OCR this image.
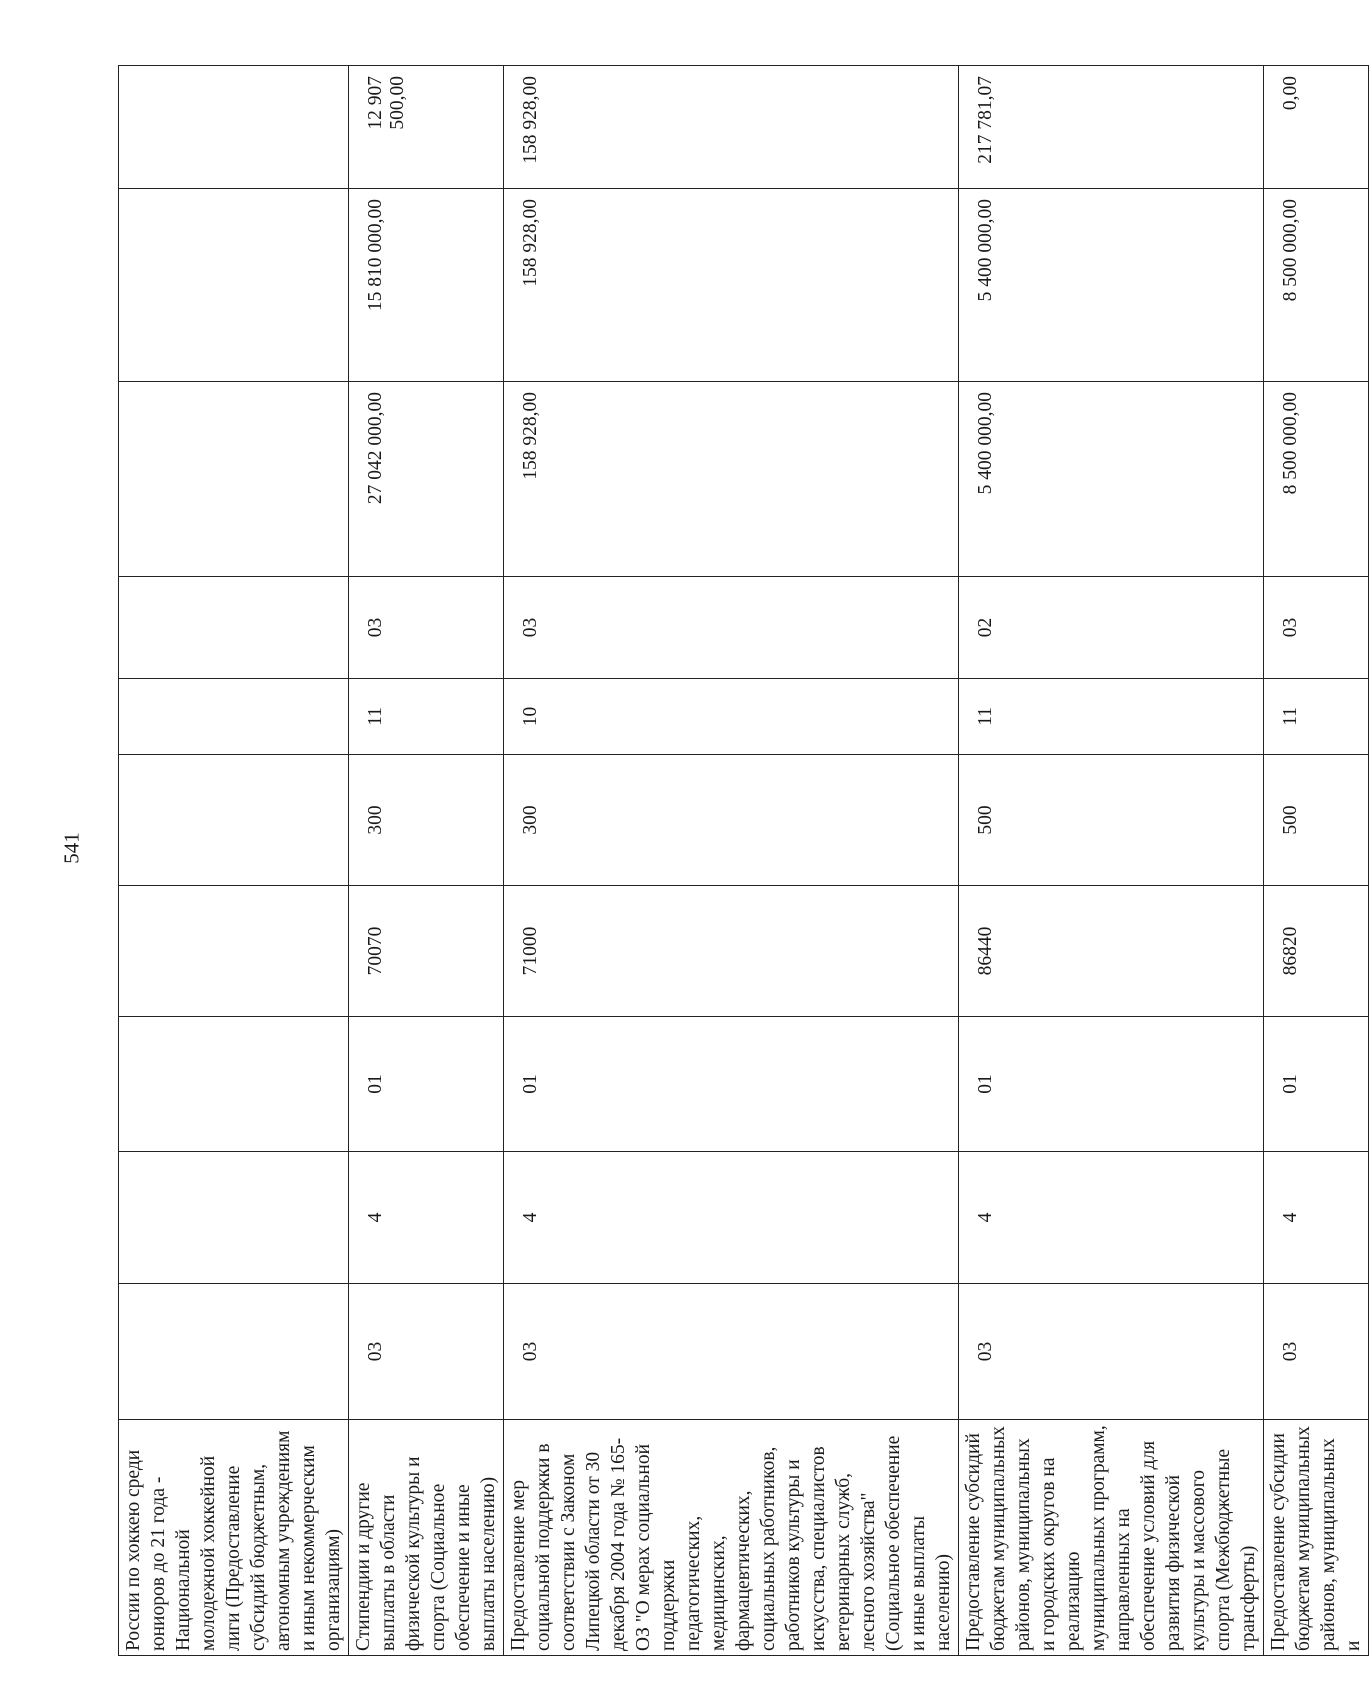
541
России по хоккею среди юниоров до 21 года - Национальной молодежной хоккейной лиги (Предоставление субсидий бюджетным, автономным учреждениям и иным некоммерческим организациям)										
Стипендии и другие выплаты в области физической культуры и спорта (Социальное обеспечение и иные выплаты населению)	03	4	01	70070	300	11	03	27 042 000,00	15 810 000,00	12 907 500,00
Предоставление мер социальной поддержки в соответствии с Законом Липецкой области от 30 декабря 2004 года № 165-ОЗ "О мерах социальной поддержки педагогических, медицинских, фармацевтических, социальных работников, работников культуры и искусства, специалистов ветеринарных служб, лесного хозяйства" (Социальное обеспечение и иные выплаты населению)	03	4	01	71000	300	10	03	158 928,00	158 928,00	158 928,00
Предоставление субсидий бюджетам муниципальных районов, муниципальных и городских округов на реализацию муниципальных программ, направленных на обеспечение условий для развития физической культуры и массового спорта (Межбюджетные трансферты)	03	4	01	86440	500	11	02	5 400 000,00	5 400 000,00	217 781,07
Предоставление субсидии бюджетам муниципальных районов, муниципальных и	03	4	01	86820	500	11	03	8 500 000,00	8 500 000,00	0,00
